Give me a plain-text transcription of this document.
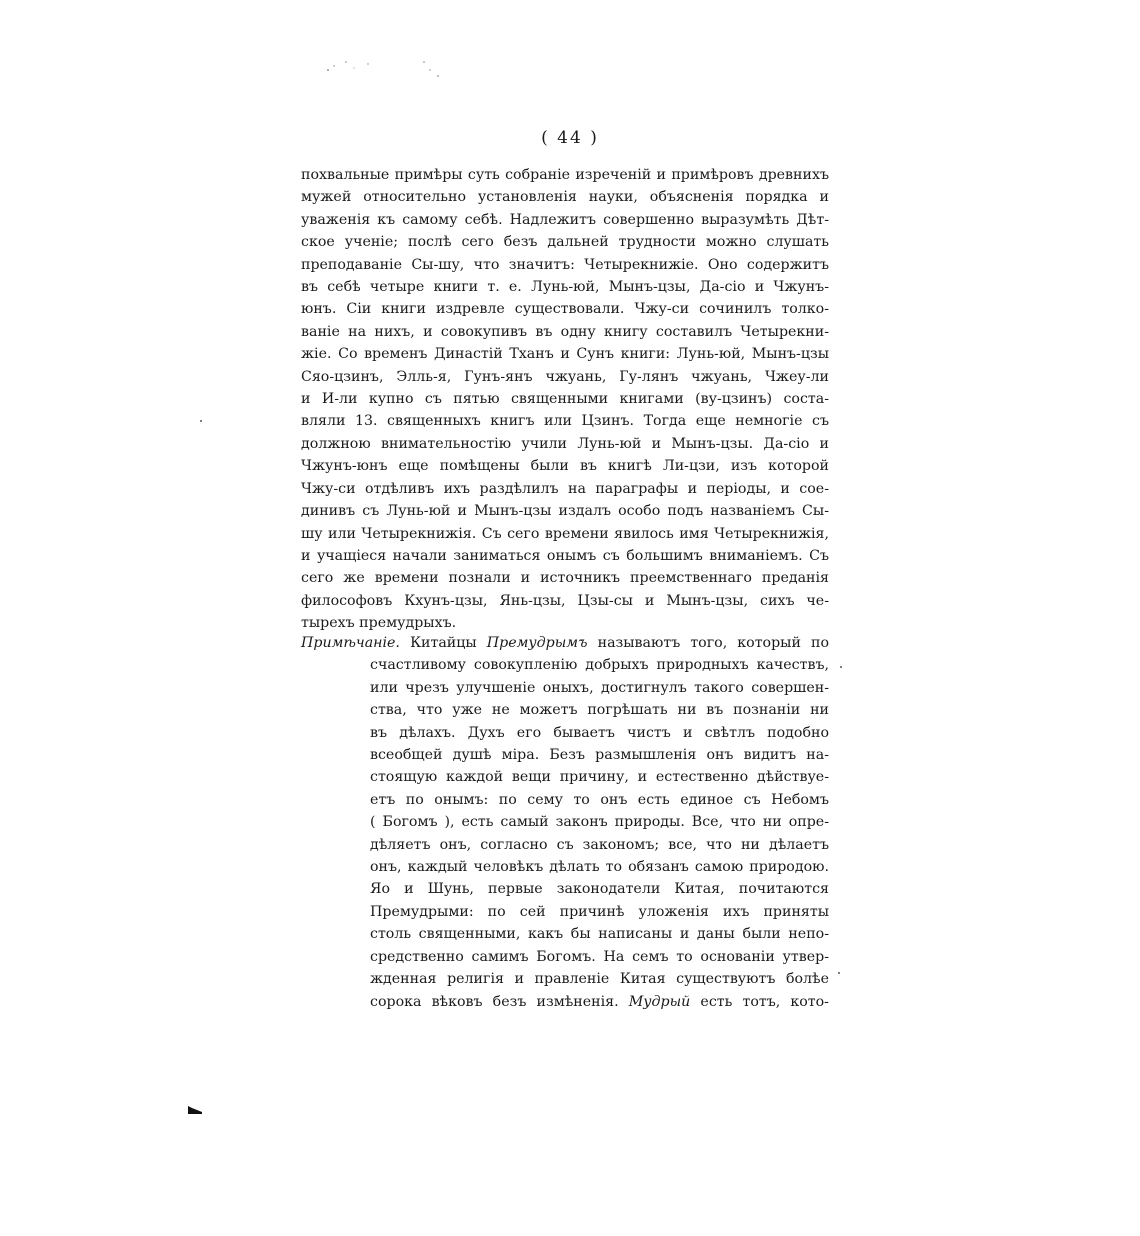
( 44 )
похвальные примѣры суть собраніе изреченій и примѣровъ древнихъ
мужей относительно установленія науки, объясненія порядка и
уваженія къ самому себѣ. Надлежитъ совершенно выразумѣть Дѣт-
ское ученіе; послѣ сего безъ дальней трудности можно слушать
преподаваніе Сы-шу, что значитъ: Четырекнижіе. Оно содержитъ
въ себѣ четыре книги т. е. Лунь-юй, Мынъ-цзы, Да-сіо и Чжунъ-
юнъ. Сіи книги издревле существовали. Чжу-си сочинилъ толко-
ваніе на нихъ, и совокупивъ въ одну книгу составилъ Четырекни-
жіе. Со временъ Династій Тханъ и Сунъ книги: Лунь-юй, Мынъ-цзы
Сяо-цзинъ, Элль-я, Гунъ-янъ чжуань, Гу-лянъ чжуань, Чжеу-ли
и И-ли купно съ пятью священными книгами (ву-цзинъ) соста-
вляли 13. священныхъ книгъ или Цзинъ. Тогда еще немногіе съ
должною внимательностію учили Лунь-юй и Мынъ-цзы. Да-сіо и
Чжунъ-юнъ еще помѣщены были въ книгѣ Ли-цзи, изъ которой
Чжу-си отдѣливъ ихъ раздѣлилъ на параграфы и періоды, и сое-
динивъ съ Лунь-юй и Мынъ-цзы издалъ особо подъ названіемъ Сы-
шу или Четырекнижія. Съ сего времени явилось имя Четырекнижія,
и учащіеся начали заниматься онымъ съ большимъ вниманіемъ. Съ
сего же времени познали и источникъ преемственнаго преданія
философовъ Кхунъ-цзы, Янь-цзы, Цзы-сы и Мынъ-цзы, сихъ че-
тырехъ премудрыхъ.
Примѣчаніе. Китайцы Премудрымъ называютъ того, который по
счастливому совокупленію добрыхъ природныхъ качествъ,
или чрезъ улучшеніе оныхъ, достигнулъ такого совершен-
ства, что уже не можетъ погрѣшать ни въ познаніи ни
въ дѣлахъ. Духъ его бываетъ чистъ и свѣтлъ подобно
всеобщей душѣ міра. Безъ размышленія онъ видитъ на-
стоящую каждой вещи причину, и естественно дѣйствуе-
етъ по онымъ: по сему то онъ есть единое съ Небомъ
( Богомъ ), есть самый законъ природы. Все, что ни опре-
дѣляетъ онъ, согласно съ закономъ; все, что ни дѣлаетъ
онъ, каждый человѣкъ дѣлать то обязанъ самою природою.
Яо и Шунь, первые законодатели Китая, почитаются
Премудрыми: по сей причинѣ уложенія ихъ приняты
столь священными, какъ бы написаны и даны были непо-
средственно самимъ Богомъ. На семъ то основаніи утвер-
жденная религія и правленіе Китая существуютъ болѣе
сорока вѣковъ безъ измѣненія. Мудрый есть тотъ, кото-
